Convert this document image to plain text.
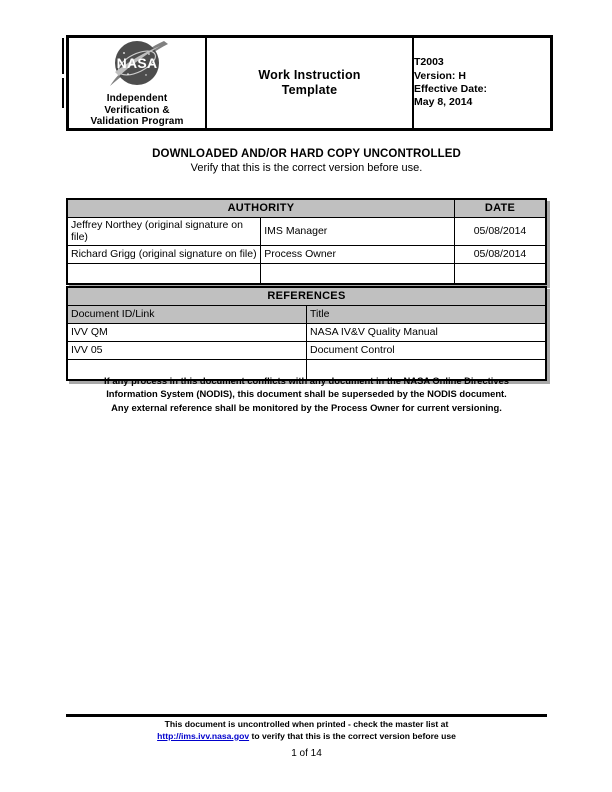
NASA
Independent
Verification &
Validation Program

Work Instruction
Template

T2003
Version: H
Effective Date:
May 8, 2014
DOWNLOADED AND/OR HARD COPY UNCONTROLLED
Verify that this is the correct version before use.
AUTHORITY		DATE
Jeffrey Northey (original signature on file)	IMS Manager	05/08/2014
Richard Grigg (original signature on file)	Process Owner	05/08/2014

REFERENCES	
Document ID/Link	Title
IVV QM	NASA IV&V Quality Manual
IVV 05	Document Control

If any process in this document conflicts with any document in the NASA Online Directives
Information System (NODIS), this document shall be superseded by the NODIS document.
Any external reference shall be monitored by the Process Owner for current versioning.
This document is uncontrolled when printed - check the master list at
http://ims.ivv.nasa.gov to verify that this is the correct version before use
1 of 14
